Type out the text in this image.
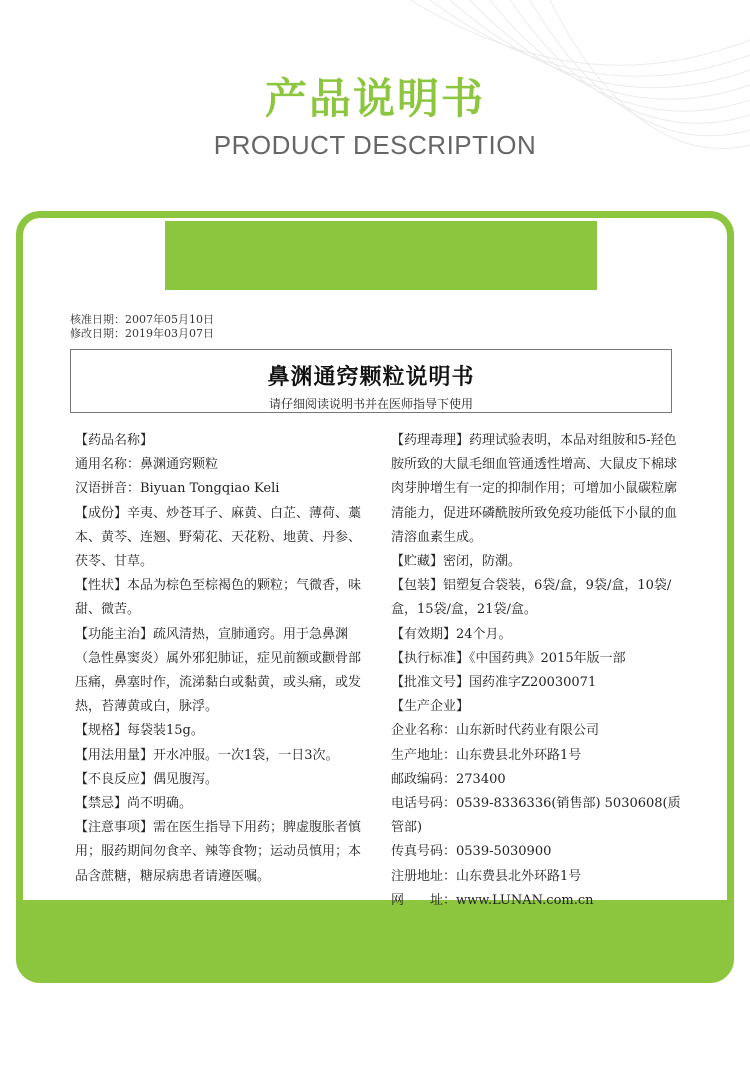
产品说明书
PRODUCT DESCRIPTION
核准日期：2007年05月10日
修改日期：2019年03月07日
鼻渊通窍颗粒说明书
请仔细阅读说明书并在医师指导下使用

【药品名称】

通用名称：鼻渊通窍颗粒

汉语拼音：Biyuan Tongqiao Keli

【成份】辛夷、炒苍耳子、麻黄、白芷、薄荷、藁本、黄芩、连翘、野菊花、天花粉、地黄、丹参、茯苓、甘草。

【性状】本品为棕色至棕褐色的颗粒；气微香，味甜、微苦。

【功能主治】疏风清热，宣肺通窍。用于急鼻渊（急性鼻窦炎）属外邪犯肺证，症见前额或颧骨部压痛，鼻塞时作，流涕黏白或黏黄，或头痛，或发热，苔薄黄或白，脉浮。

【规格】每袋装15g。

【用法用量】开水冲服。一次1袋，一日3次。

【不良反应】偶见腹泻。

【禁忌】尚不明确。

【注意事项】需在医生指导下用药；脾虚腹胀者慎用；服药期间勿食辛、辣等食物；运动员慎用；本品含蔗糖，糖尿病患者请遵医嘱。

【药理毒理】药理试验表明，本品对组胺和5-羟色胺所致的大鼠毛细血管通透性增高、大鼠皮下棉球肉芽肿增生有一定的抑制作用；可增加小鼠碳粒廓清能力，促进环磷酰胺所致免疫功能低下小鼠的血清溶血素生成。

【贮藏】密闭，防潮。

【包装】铝塑复合袋装，6袋/盒，9袋/盒，10袋/盒，15袋/盒，21袋/盒。

【有效期】24个月。

【执行标准】《中国药典》2015年版一部

【批准文号】国药准字Z20030071

【生产企业】

企业名称：山东新时代药业有限公司

生产地址：山东费县北外环路1号

邮政编码：273400

电话号码：0539-8336336(销售部) 5030608(质管部)

传真号码：0539-5030900

注册地址：山东费县北外环路1号

网　　址：www.LUNAN.com.cn
